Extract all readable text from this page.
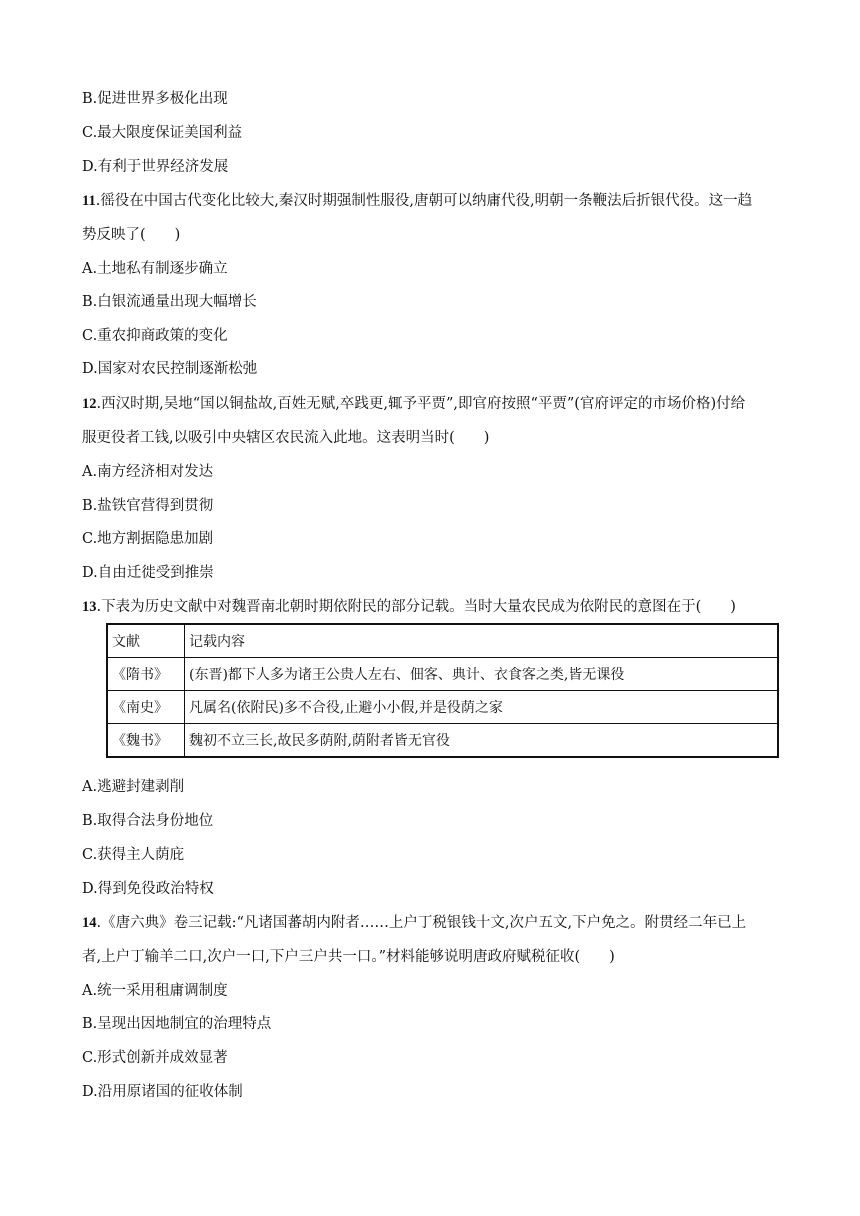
B.促进世界多极化出现
C.最大限度保证美国利益
D.有利于世界经济发展
11.徭役在中国古代变化比较大,秦汉时期强制性服役,唐朝可以纳庸代役,明朝一条鞭法后折银代役。这一趋
势反映了(　　)
A.土地私有制逐步确立
B.白银流通量出现大幅增长
C.重农抑商政策的变化
D.国家对农民控制逐渐松弛
12.西汉时期,吴地“国以铜盐故,百姓无赋,卒践更,辄予平贾”,即官府按照“平贾”(官府评定的市场价格)付给
服更役者工钱,以吸引中央辖区农民流入此地。这表明当时(　　)
A.南方经济相对发达
B.盐铁官营得到贯彻
C.地方割据隐患加剧
D.自由迁徙受到推崇
13.下表为历史文献中对魏晋南北朝时期依附民的部分记载。当时大量农民成为依附民的意图在于(　　)
文献	记载内容
《隋书》	(东晋)都下人多为诸王公贵人左右、佃客、典计、衣食客之类,皆无课役
《南史》	凡属名(依附民)多不合役,止避小小假,并是役荫之家
《魏书》	魏初不立三长,故民多荫附,荫附者皆无官役
A.逃避封建剥削
B.取得合法身份地位
C.获得主人荫庇
D.得到免役政治特权
14.《唐六典》卷三记载:“凡诸国蕃胡内附者……上户丁税银钱十文,次户五文,下户免之。附贯经二年已上
者,上户丁输羊二口,次户一口,下户三户共一口。”材料能够说明唐政府赋税征收(　　)
A.统一采用租庸调制度
B.呈现出因地制宜的治理特点
C.形式创新并成效显著
D.沿用原诸国的征收体制
